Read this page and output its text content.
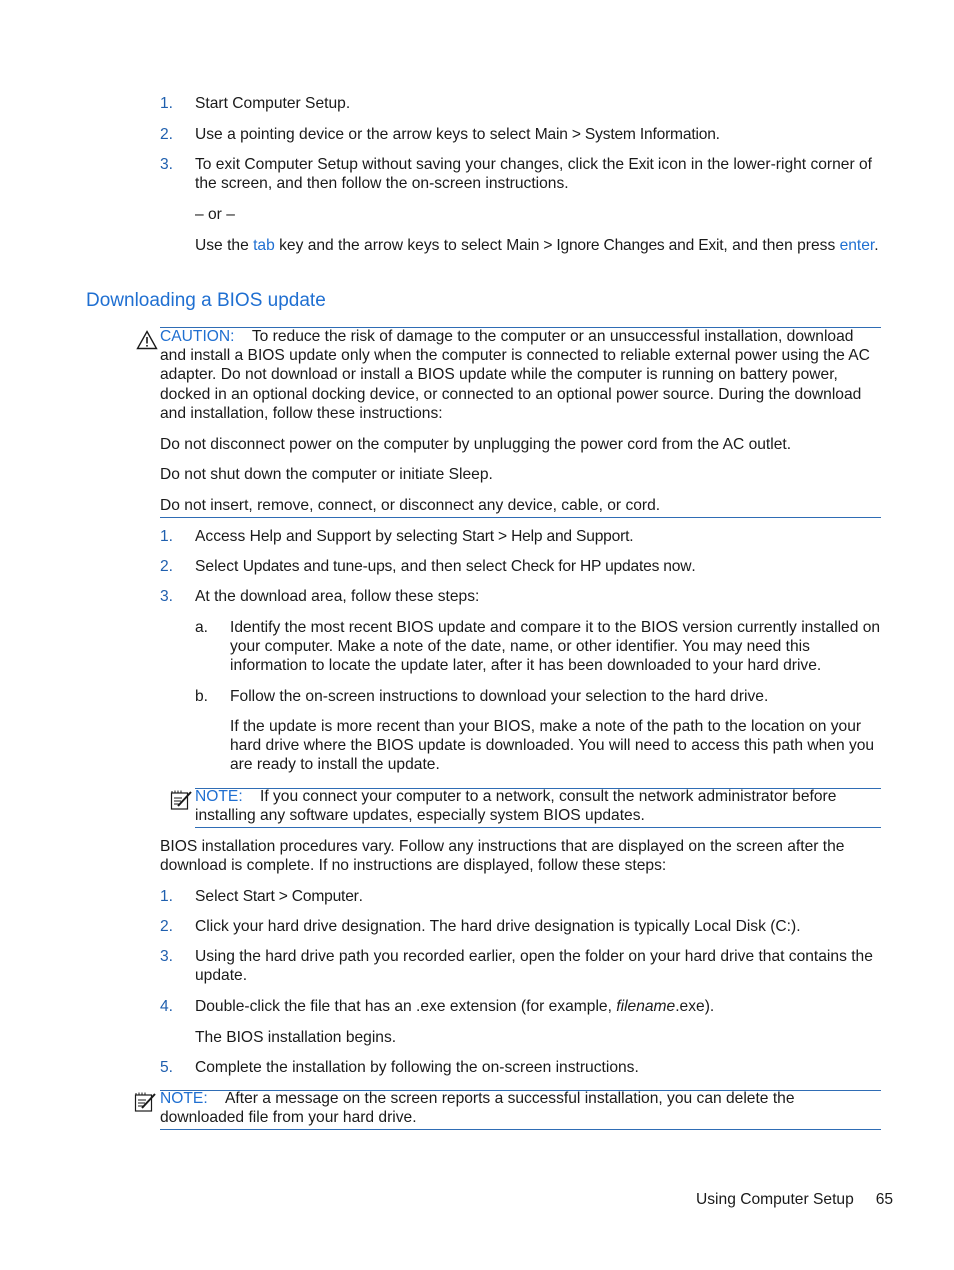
1. Start Computer Setup.
2. Use a pointing device or the arrow keys to select Main > System Information.
3. To exit Computer Setup without saving your changes, click the Exit icon in the lower-right corner of the screen, and then follow the on-screen instructions.
– or –
Use the tab key and the arrow keys to select Main > Ignore Changes and Exit, and then press enter.
Downloading a BIOS update
CAUTION: To reduce the risk of damage to the computer or an unsuccessful installation, download and install a BIOS update only when the computer is connected to reliable external power using the AC adapter. Do not download or install a BIOS update while the computer is running on battery power, docked in an optional docking device, or connected to an optional power source. During the download and installation, follow these instructions:
Do not disconnect power on the computer by unplugging the power cord from the AC outlet.
Do not shut down the computer or initiate Sleep.
Do not insert, remove, connect, or disconnect any device, cable, or cord.
1. Access Help and Support by selecting Start > Help and Support.
2. Select Updates and tune-ups, and then select Check for HP updates now.
3. At the download area, follow these steps:
a. Identify the most recent BIOS update and compare it to the BIOS version currently installed on your computer. Make a note of the date, name, or other identifier. You may need this information to locate the update later, after it has been downloaded to your hard drive.
b. Follow the on-screen instructions to download your selection to the hard drive.
If the update is more recent than your BIOS, make a note of the path to the location on your hard drive where the BIOS update is downloaded. You will need to access this path when you are ready to install the update.
NOTE: If you connect your computer to a network, consult the network administrator before installing any software updates, especially system BIOS updates.
BIOS installation procedures vary. Follow any instructions that are displayed on the screen after the download is complete. If no instructions are displayed, follow these steps:
1. Select Start > Computer.
2. Click your hard drive designation. The hard drive designation is typically Local Disk (C:).
3. Using the hard drive path you recorded earlier, open the folder on your hard drive that contains the update.
4. Double-click the file that has an .exe extension (for example, filename.exe).
The BIOS installation begins.
5. Complete the installation by following the on-screen instructions.
NOTE: After a message on the screen reports a successful installation, you can delete the downloaded file from your hard drive.
Using Computer Setup 65
